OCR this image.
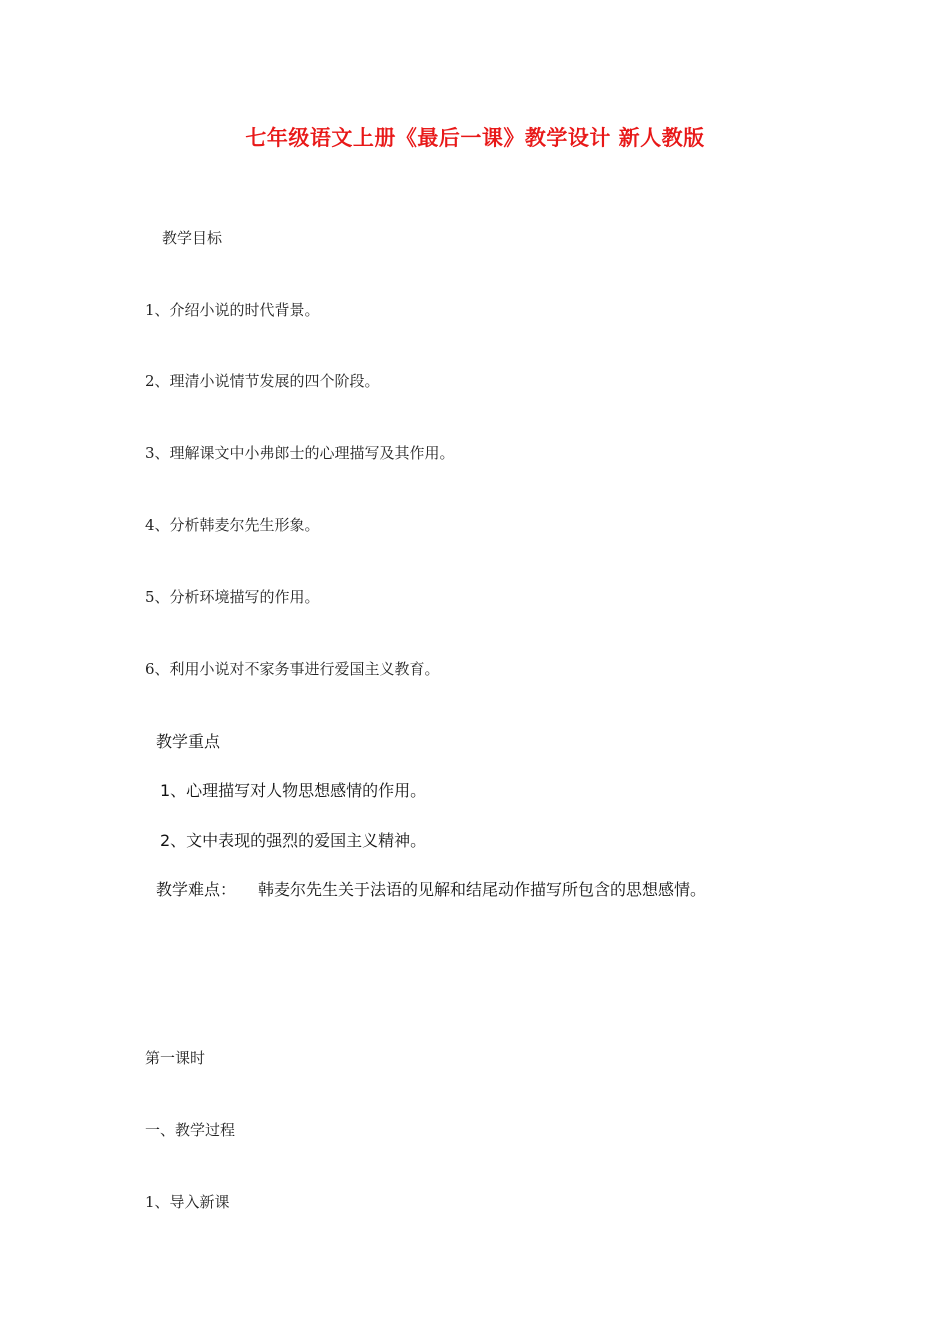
七年级语文上册《最后一课》教学设计 新人教版
教学目标
1、介绍小说的时代背景。
2、理清小说情节发展的四个阶段。
3、理解课文中小弗郎士的心理描写及其作用。
4、分析韩麦尔先生形象。
5、分析环境描写的作用。
6、利用小说对不家务事进行爱国主义教育。
教学重点
1、心理描写对人物思想感情的作用。
2、文中表现的强烈的爱国主义精神。
教学难点： 韩麦尔先生关于法语的见解和结尾动作描写所包含的思想感情。
第一课时
一、教学过程
1、导入新课
